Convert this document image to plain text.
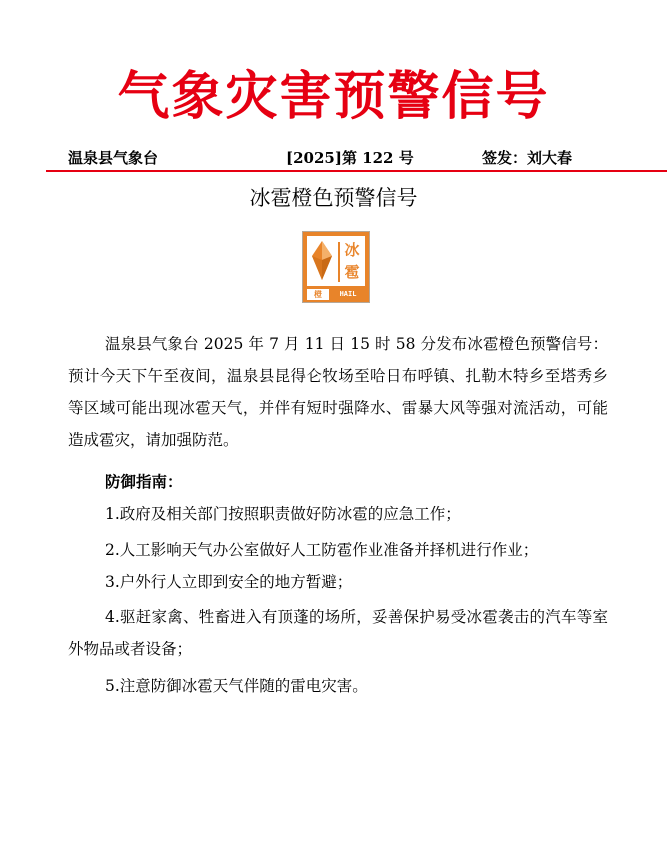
气象灾害预警信号
温泉县气象台	[2025]第 122 号	签发：刘大春
冰雹橙色预警信号
冰
雹
橙	HAIL
温泉县气象台 2025 年 7 月 11 日 15 时 58 分发布冰雹橙色预警信号：预计今天下午至夜间，温泉县昆得仑牧场至哈日布呼镇、扎勒木特乡至塔秀乡等区域可能出现冰雹天气，并伴有短时强降水、雷暴大风等强对流活动，可能造成雹灾，请加强防范。
防御指南：
1.政府及相关部门按照职责做好防冰雹的应急工作；
2.人工影响天气办公室做好人工防雹作业准备并择机进行作业；
3.户外行人立即到安全的地方暂避；
4.驱赶家禽、牲畜进入有顶蓬的场所，妥善保护易受冰雹袭击的汽车等室外物品或者设备；
5.注意防御冰雹天气伴随的雷电灾害。
